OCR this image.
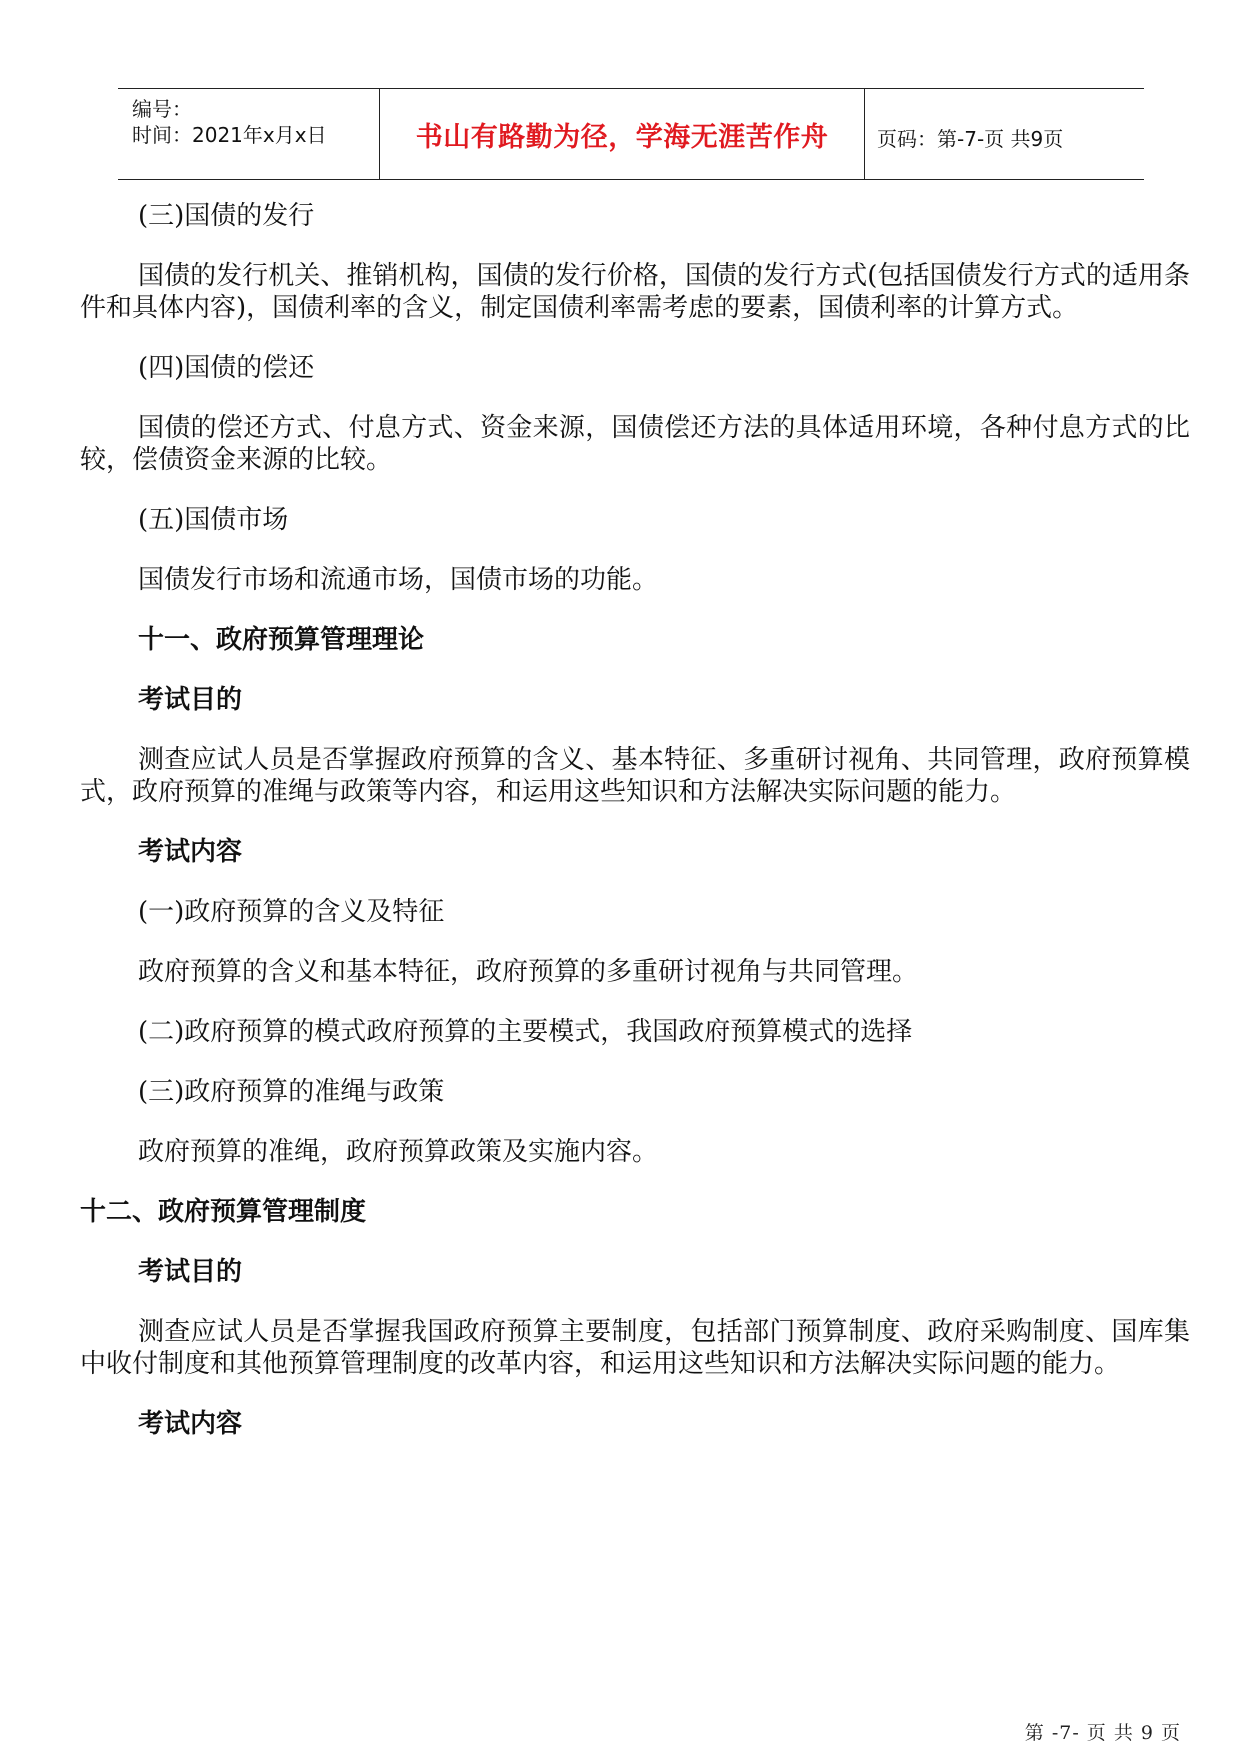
编号：
时间：2021年x月x日	书山有路勤为径，学海无涯苦作舟	页码：第-7-页 共9页

(三)国债的发行

国债的发行机关、推销机构，国债的发行价格，国债的发行方式(包括国债发行方式的适用条件和具体内容)，国债利率的含义，制定国债利率需考虑的要素，国债利率的计算方式。

(四)国债的偿还

国债的偿还方式、付息方式、资金来源，国债偿还方法的具体适用环境，各种付息方式的比较，偿债资金来源的比较。

(五)国债市场

国债发行市场和流通市场，国债市场的功能。

十一、政府预算管理理论

考试目的

测查应试人员是否掌握政府预算的含义、基本特征、多重研讨视角、共同管理，政府预算模式，政府预算的准绳与政策等内容，和运用这些知识和方法解决实际问题的能力。

考试内容

(一)政府预算的含义及特征

政府预算的含义和基本特征，政府预算的多重研讨视角与共同管理。

(二)政府预算的模式政府预算的主要模式，我国政府预算模式的选择

(三)政府预算的准绳与政策

政府预算的准绳，政府预算政策及实施内容。

十二、政府预算管理制度

考试目的

测查应试人员是否掌握我国政府预算主要制度，包括部门预算制度、政府采购制度、国库集中收付制度和其他预算管理制度的改革内容，和运用这些知识和方法解决实际问题的能力。

考试内容

第 -7- 页 共 9 页
